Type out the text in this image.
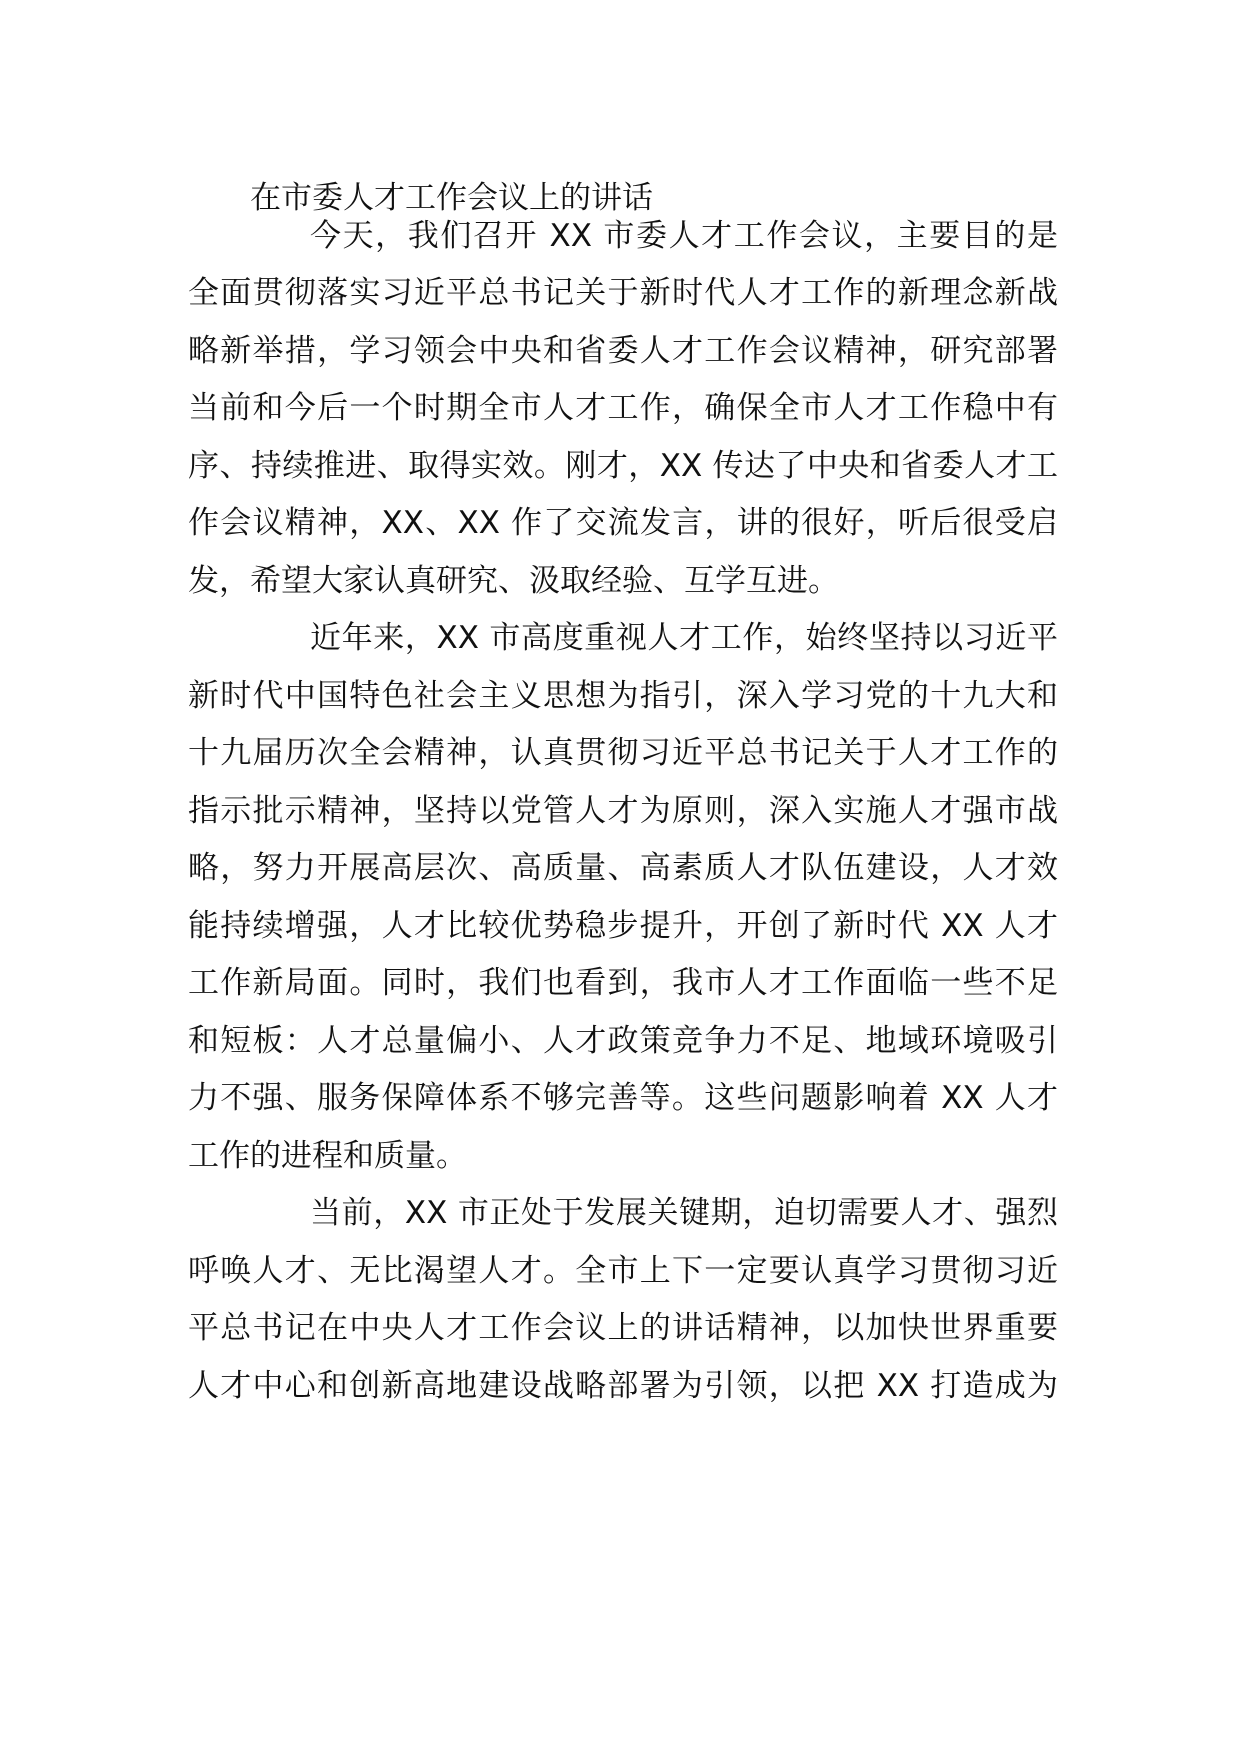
在市委人才工作会议上的讲话
今天，我们召开 XX 市委人才工作会议，主要目的是
全面贯彻落实习近平总书记关于新时代人才工作的新理念新战
略新举措，学习领会中央和省委人才工作会议精神，研究部署
当前和今后一个时期全市人才工作，确保全市人才工作稳中有
序、持续推进、取得实效。刚才，XX 传达了中央和省委人才工
作会议精神，XX、XX 作了交流发言，讲的很好，听后很受启
发，希望大家认真研究、汲取经验、互学互进。
近年来，XX 市高度重视人才工作，始终坚持以习近平
新时代中国特色社会主义思想为指引，深入学习党的十九大和
十九届历次全会精神，认真贯彻习近平总书记关于人才工作的
指示批示精神，坚持以党管人才为原则，深入实施人才强市战
略，努力开展高层次、高质量、高素质人才队伍建设，人才效
能持续增强，人才比较优势稳步提升，开创了新时代 XX 人才
工作新局面。同时，我们也看到，我市人才工作面临一些不足
和短板：人才总量偏小、人才政策竞争力不足、地域环境吸引
力不强、服务保障体系不够完善等。这些问题影响着 XX 人才
工作的进程和质量。
当前，XX 市正处于发展关键期，迫切需要人才、强烈
呼唤人才、无比渴望人才。全市上下一定要认真学习贯彻习近
平总书记在中央人才工作会议上的讲话精神，以加快世界重要
人才中心和创新高地建设战略部署为引领，以把 XX 打造成为
